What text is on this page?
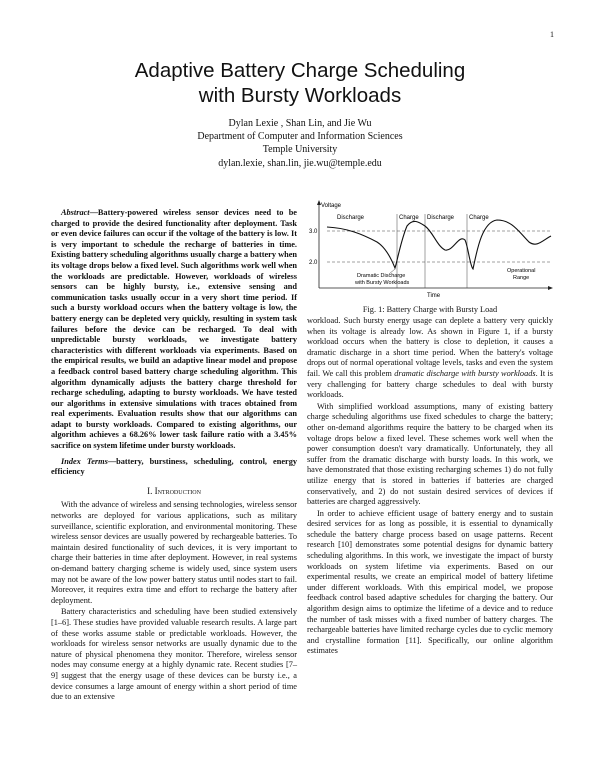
1
Adaptive Battery Charge Scheduling
with Bursty Workloads
Dylan Lexie , Shan Lin, and Jie Wu
Department of Computer and Information Sciences
Temple University
dylan.lexie, shan.lin, jie.wu@temple.edu

Abstract—Battery-powered wireless sensor devices need to be charged to provide the desired functionality after deployment. Task or even device failures can occur if the voltage of the battery is low. It is very important to schedule the recharge of batteries in time. Existing battery scheduling algorithms usually charge a battery when its voltage drops below a fixed level. Such algorithms work well when the workloads are predictable. However, workloads of wireless sensors can be highly bursty, i.e., extensive sensing and communication tasks usually occur in a very short time period. If such a bursty workload occurs when the battery voltage is low, the battery energy can be depleted very quickly, resulting in system task failures before the device can be recharged. To deal with unpredictable bursty workloads, we investigate battery characteristics with different workloads via experiments. Based on the empirical results, we build an adaptive linear model and propose a feedback control based battery charge scheduling algorithm. This algorithm dynamically adjusts the battery charge threshold for recharge scheduling, adapting to bursty workloads. We have tested our algorithms in extensive simulations with traces obtained from real experiments. Evaluation results show that our algorithms can adapt to bursty workloads. Compared to existing algorithms, our algorithm achieves a 68.26% lower task failure ratio with a 3.45% sacrifice on system lifetime under bursty workloads.

Index Terms—battery, burstiness, scheduling, control, energy efficiency

I. Introduction

With the advance of wireless and sensing technologies, wireless sensor networks are deployed for various applications, such as military surveillance, scientific exploration, and environmental monitoring. These wireless sensor devices are usually powered by rechargeable batteries. To maintain desired functionality of such devices, it is very important to charge their batteries in time after deployment. However, in real systems on-demand battery charging scheme is widely used, since system users may not be aware of the low power battery status until nodes start to fail. Moreover, it requires extra time and effort to recharge the battery after deployment.

Battery characteristics and scheduling have been studied extensively [1–6]. These studies have provided valuable research results. A large part of these works assume stable or predictable workloads. However, the workloads for wireless sensor networks are usually dynamic due to the nature of physical phenomena they monitor. Therefore, wireless sensor nodes may consume energy at a highly dynamic rate. Recent studies [7–9] suggest that the energy usage of these devices can be bursty i.e., a device consumes a large amount of energy within a short period of time due to an extensive

Voltage
Discharge	Charge Discharge Charge
3.0
2.0
Dramatic Discharge
with Bursty Workloads
Operational
Range
Time
Fig. 1: Battery Charge with Bursty Load

workload. Such bursty energy usage can deplete a battery very quickly when its voltage is already low. As shown in Figure 1, if a bursty workload occurs when the battery is close to depletion, it causes a dramatic discharge in a short time period. When the battery's voltage drops out of normal operational voltage levels, tasks and even the system fail. We call this problem dramatic discharge with bursty workloads. It is very challenging for battery charge schedules to deal with bursty workloads.

With simplified workload assumptions, many of existing battery charge scheduling algorithms use fixed schedules to charge the battery; other on-demand algorithms require the battery to be charged when its voltage drops below a fixed level. These schemes work well when the power consumption doesn't vary dramatically. Unfortunately, they all suffer from the dramatic discharge with bursty loads. In this work, we have demonstrated that those existing recharging schemes 1) do not fully utilize energy that is stored in batteries if batteries are charged conservatively, and 2) do not sustain desired services of devices if batteries are charged aggressively.

In order to achieve efficient usage of battery energy and to sustain desired services for as long as possible, it is essential to dynamically schedule the battery charge process based on usage patterns. Recent research [10] demonstrates some potential designs for dynamic battery scheduling algorithms. In this work, we investigate the impact of bursty workloads on system lifetime via experiments. Based on our experimental results, we create an empirical model of battery lifetime under different workloads. With this empirical model, we propose feedback control based adaptive schedules for charging the battery. Our algorithm design aims to optimize the lifetime of a device and to reduce the number of task misses with a fixed number of battery charges. The rechargeable batteries have limited recharge cycles due to cyclic memory and crystalline formation [11]. Specifically, our online algorithm estimates
